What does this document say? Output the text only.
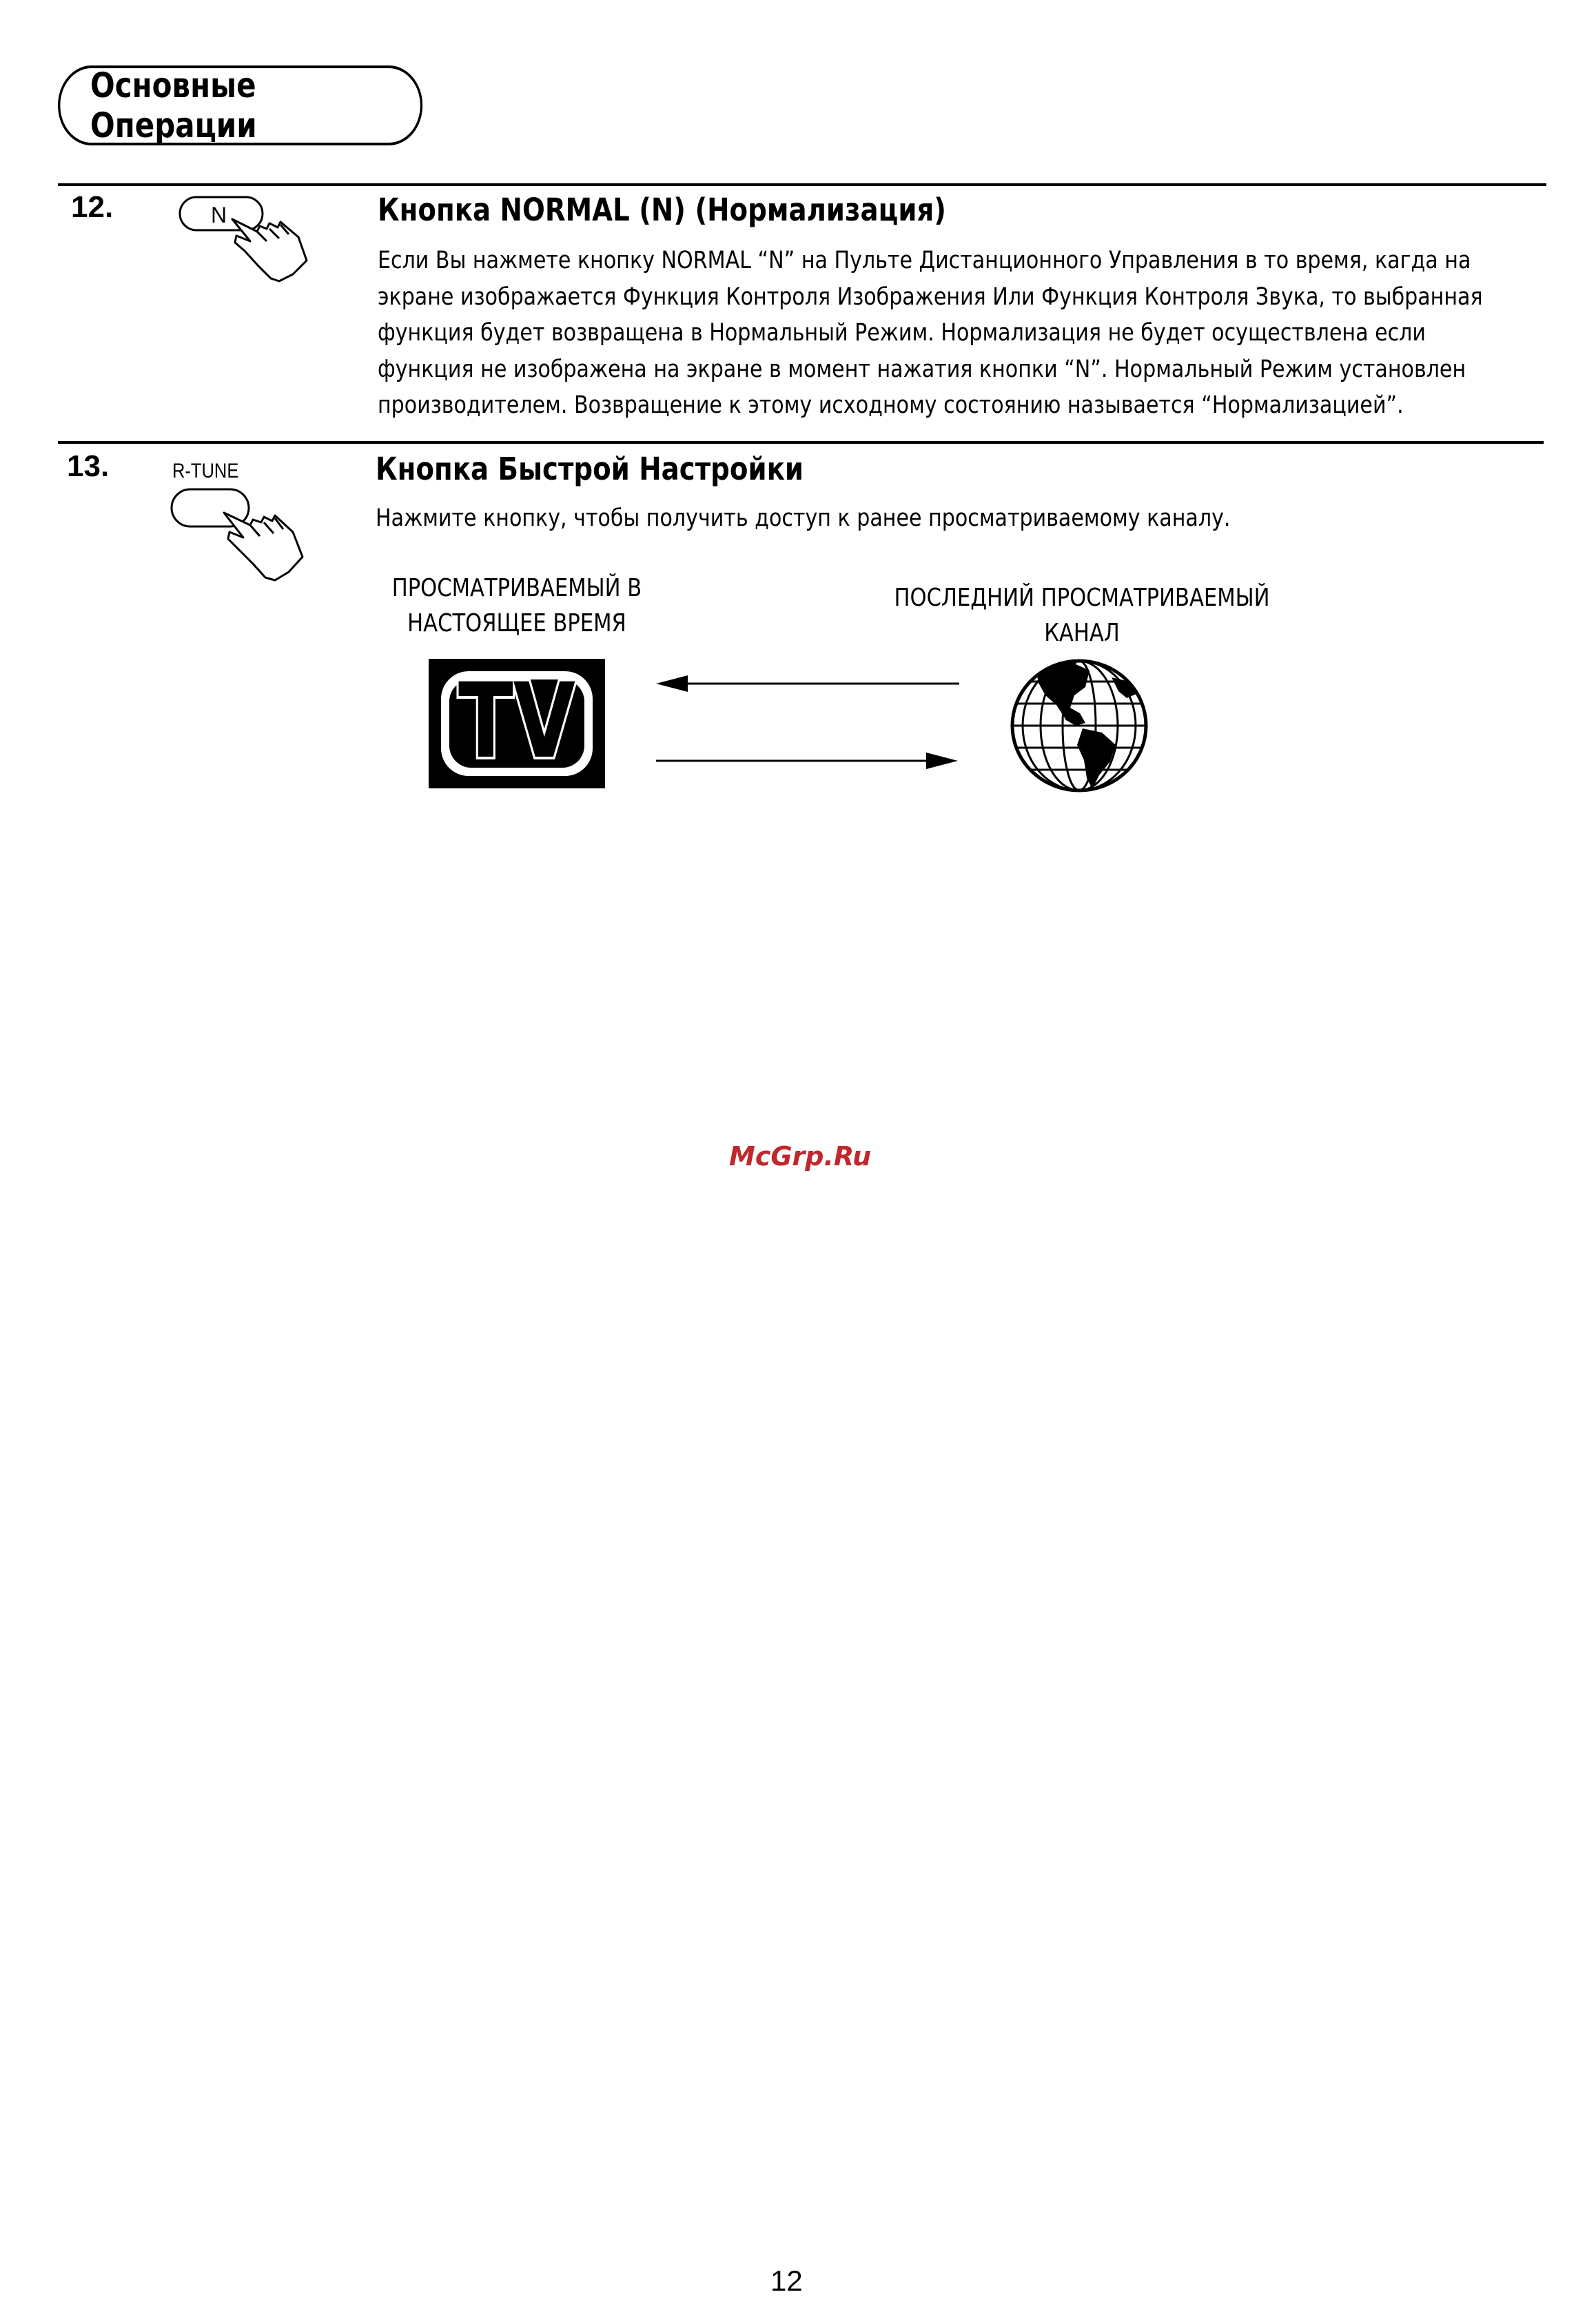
Основные Операции
12.	N	Кнопка NORMAL (N) (Нормализация)

Если Вы нажмете кнопку NORMAL “N” на Пульте Дистанционного Управления в то время, кагда на

экране изображается Функция Контроля Изображения Или Функция Контроля Звука, то выбранная

функция будет возвращена в Нормальный Режим. Нормализация не будет осуществлена если

функция не изображена на экране в момент нажатия кнопки “N”. Нормальный Режим установлен

производителем. Возвращение к этому исходному состоянию называется “Нормализацией”.

13.	R-TUNE	Кнопка Быстрой Настройки

Нажмите кнопку, чтобы получить доступ к ранее просматриваемому каналу.

ПРОСМАТРИВАЕМЫЙ В
НАСТОЯЩЕЕ ВРЕМЯ
ПОСЛЕДНИЙ ПРОСМАТРИВАЕМЫЙ
КАНАЛ
TV
McGrp.Ru
12
